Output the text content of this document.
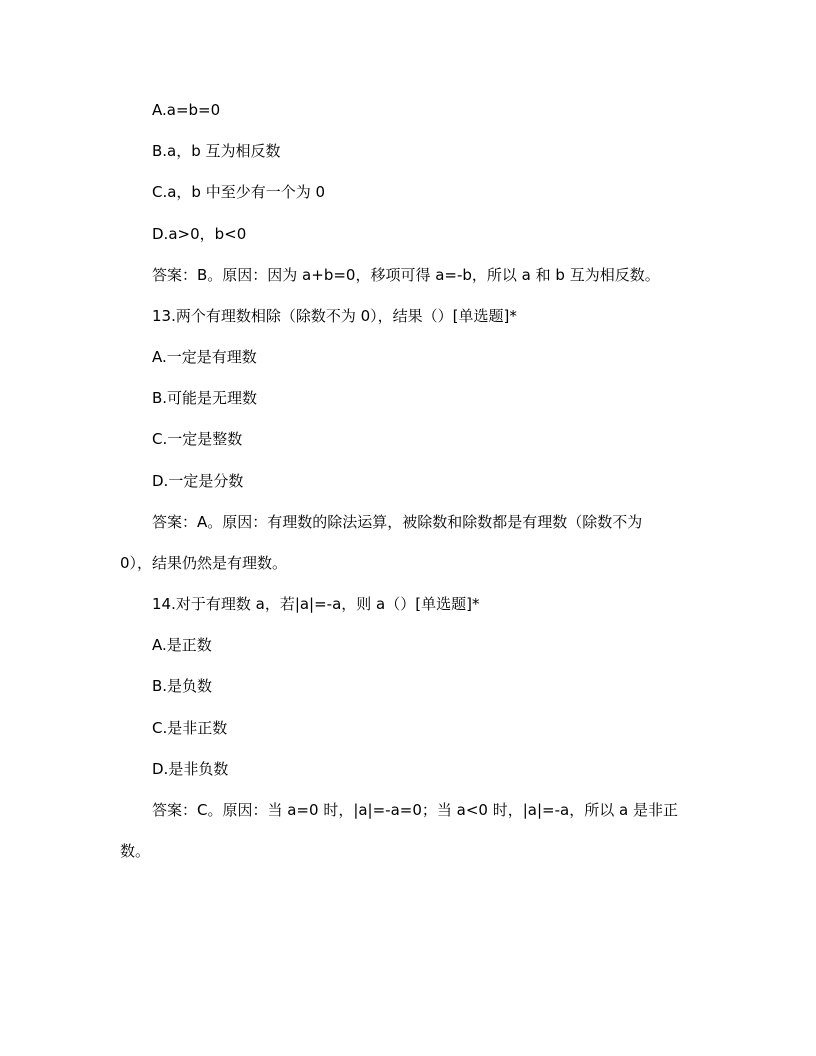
A.a=b=0
B.a，b 互为相反数
C.a，b 中至少有一个为 0
D.a>0，b<0
答案：B。原因：因为 a+b=0，移项可得 a=-b，所以 a 和 b 互为相反数。
13.两个有理数相除（除数不为 0），结果（）[单选题]*
A.一定是有理数
B.可能是无理数
C.一定是整数
D.一定是分数
答案：A。原因：有理数的除法运算，被除数和除数都是有理数（除数不为
0），结果仍然是有理数。
14.对于有理数 a，若|a|=-a，则 a（）[单选题]*
A.是正数
B.是负数
C.是非正数
D.是非负数
答案：C。原因：当 a=0 时，|a|=-a=0；当 a<0 时，|a|=-a，所以 a 是非正
数。
